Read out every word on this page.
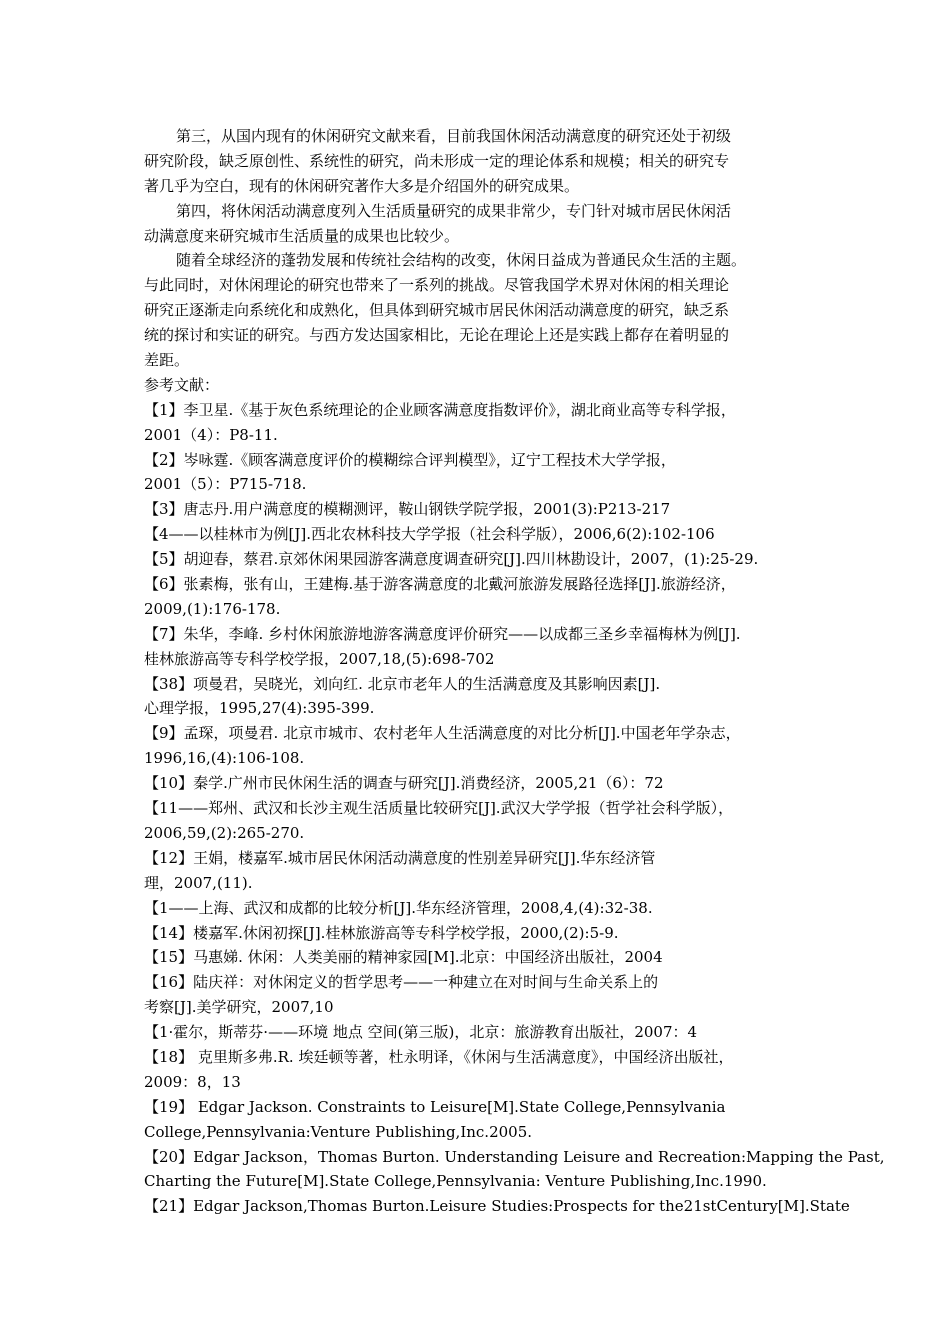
第三，从国内现有的休闲研究文献来看，目前我国休闲活动满意度的研究还处于初级
研究阶段，缺乏原创性、系统性的研究，尚未形成一定的理论体系和规模；相关的研究专
著几乎为空白，现有的休闲研究著作大多是介绍国外的研究成果。
第四，将休闲活动满意度列入生活质量研究的成果非常少，专门针对城市居民休闲活
动满意度来研究城市生活质量的成果也比较少。
随着全球经济的蓬勃发展和传统社会结构的改变，休闲日益成为普通民众生活的主题。
与此同时，对休闲理论的研究也带来了一系列的挑战。尽管我国学术界对休闲的相关理论
研究正逐渐走向系统化和成熟化，但具体到研究城市居民休闲活动满意度的研究，缺乏系
统的探讨和实证的研究。与西方发达国家相比，无论在理论上还是实践上都存在着明显的
差距。
参考文献：
【1】李卫星.《基于灰色系统理论的企业顾客满意度指数评价》，湖北商业高等专科学报，
2001（4）：P8-11.
【2】岑咏霆.《顾客满意度评价的模糊综合评判模型》，辽宁工程技术大学学报，
2001（5）：P715-718.
【3】唐志丹.用户满意度的模糊测评，鞍山钢铁学院学报，2001(3):P213-217
【4——以桂林市为例[J].西北农林科技大学学报（社会科学版），2006,6(2):102-106
【5】胡迎春，蔡君.京郊休闲果园游客满意度调查研究[J].四川林勘设计，2007，(1):25-29.
【6】张素梅，张有山，王建梅.基于游客满意度的北戴河旅游发展路径选择[J].旅游经济，
2009,(1):176-178.
【7】朱华，李峰. 乡村休闲旅游地游客满意度评价研究——以成都三圣乡幸福梅林为例[J].
桂林旅游高等专科学校学报，2007,18,(5):698-702
【38】项曼君，吴晓光，刘向红. 北京市老年人的生活满意度及其影响因素[J].
心理学报，1995,27(4):395-399.
【9】孟琛，项曼君. 北京市城市、农村老年人生活满意度的对比分析[J].中国老年学杂志，
1996,16,(4):106-108.
【10】秦学.广州市民休闲生活的调查与研究[J].消费经济，2005,21（6）：72
【11——郑州、武汉和长沙主观生活质量比较研究[J].武汉大学学报（哲学社会科学版），
2006,59,(2):265-270.
【12】王娟，楼嘉军.城市居民休闲活动满意度的性别差异研究[J].华东经济管
理，2007,(11).
【1——上海、武汉和成都的比较分析[J].华东经济管理，2008,4,(4):32-38.
【14】楼嘉军.休闲初探[J].桂林旅游高等专科学校学报，2000,(2):5-9.
【15】马惠娣. 休闲：人类美丽的精神家园[M].北京：中国经济出版社，2004
【16】陆庆祥：对休闲定义的哲学思考——一种建立在对时间与生命关系上的
考察[J].美学研究，2007,10
【1·霍尔，斯蒂芬·——环境 地点 空间(第三版)，北京：旅游教育出版社，2007：4
【18】 克里斯多弗.R. 埃廷顿等著，杜永明译，《休闲与生活满意度》，中国经济出版社，
2009：8，13
【19】 Edgar Jackson. Constraints to Leisure[M].State College,Pennsylvania
College,Pennsylvania:Venture Publishing,Inc.2005.
【20】Edgar Jackson，Thomas Burton. Understanding Leisure and Recreation:Mapping the Past,
Charting the Future[M].State College,Pennsylvania: Venture Publishing,Inc.1990.
【21】Edgar Jackson,Thomas Burton.Leisure Studies:Prospects for the21stCentury[M].State
